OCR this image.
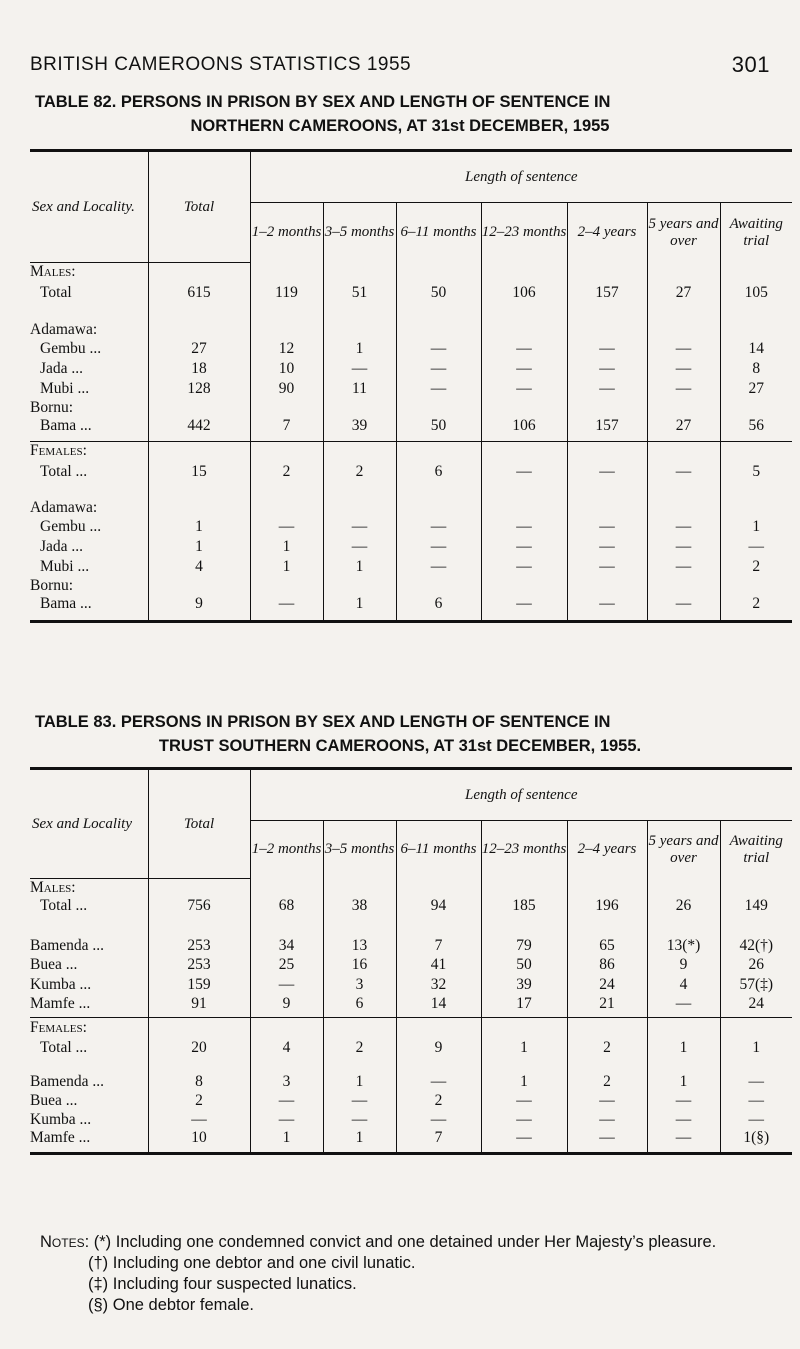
BRITISH CAMEROONS STATISTICS 1955	301
TABLE 82. PERSONS IN PRISON BY SEX AND LENGTH OF SENTENCE IN
NORTHERN CAMEROONS, AT 31st DECEMBER, 1955
Sex and Locality.	Total	Length of sentence						
		1–2 months	3–5 months	6–11 months	12–23 months	2–4 years	5 years and over	Awaiting trial
Males:								
Total	615	119	51	50	106	157	27	105
Adamawa:								
Gembu ...	27	12	1	—	—	—	—	14
Jada ...	18	10	—	—	—	—	—	8
Mubi ...	128	90	11	—	—	—	—	27
Bornu:								
Bama ...	442	7	39	50	106	157	27	56
Females:								
Total ...	15	2	2	6	—	—	—	5
Adamawa:								
Gembu ...	1	—	—	—	—	—	—	1
Jada ...	1	1	—	—	—	—	—	—
Mubi ...	4	1	1	—	—	—	—	2
Bornu:								
Bama ...	9	—	1	6	—	—	—	2
TABLE 83. PERSONS IN PRISON BY SEX AND LENGTH OF SENTENCE IN
TRUST SOUTHERN CAMEROONS, AT 31st DECEMBER, 1955.
Sex and Locality	Total	Length of sentence						
		1–2 months	3–5 months	6–11 months	12–23 months	2–4 years	5 years and over	Awaiting trial
Males:								
Total ...	756	68	38	94	185	196	26	149
Bamenda ...	253	34	13	7	79	65	13(*)	42(†)
Buea ...	253	25	16	41	50	86	9	26
Kumba ...	159	—	3	32	39	24	4	57(‡)
Mamfe ...	91	9	6	14	17	21	—	24
Females:								
Total ...	20	4	2	9	1	2	1	1
Bamenda ...	8	3	1	—	1	2	1	—
Buea ...	2	—	—	2	—	—	—	—
Kumba ...	—	—	—	—	—	—	—	—
Mamfe ...	10	1	1	7	—	—	—	1(§)
Notes: (*) Including one condemned convict and one detained under Her Majesty’s pleasure.
(†) Including one debtor and one civil lunatic.
(‡) Including four suspected lunatics.
(§) One debtor female.
